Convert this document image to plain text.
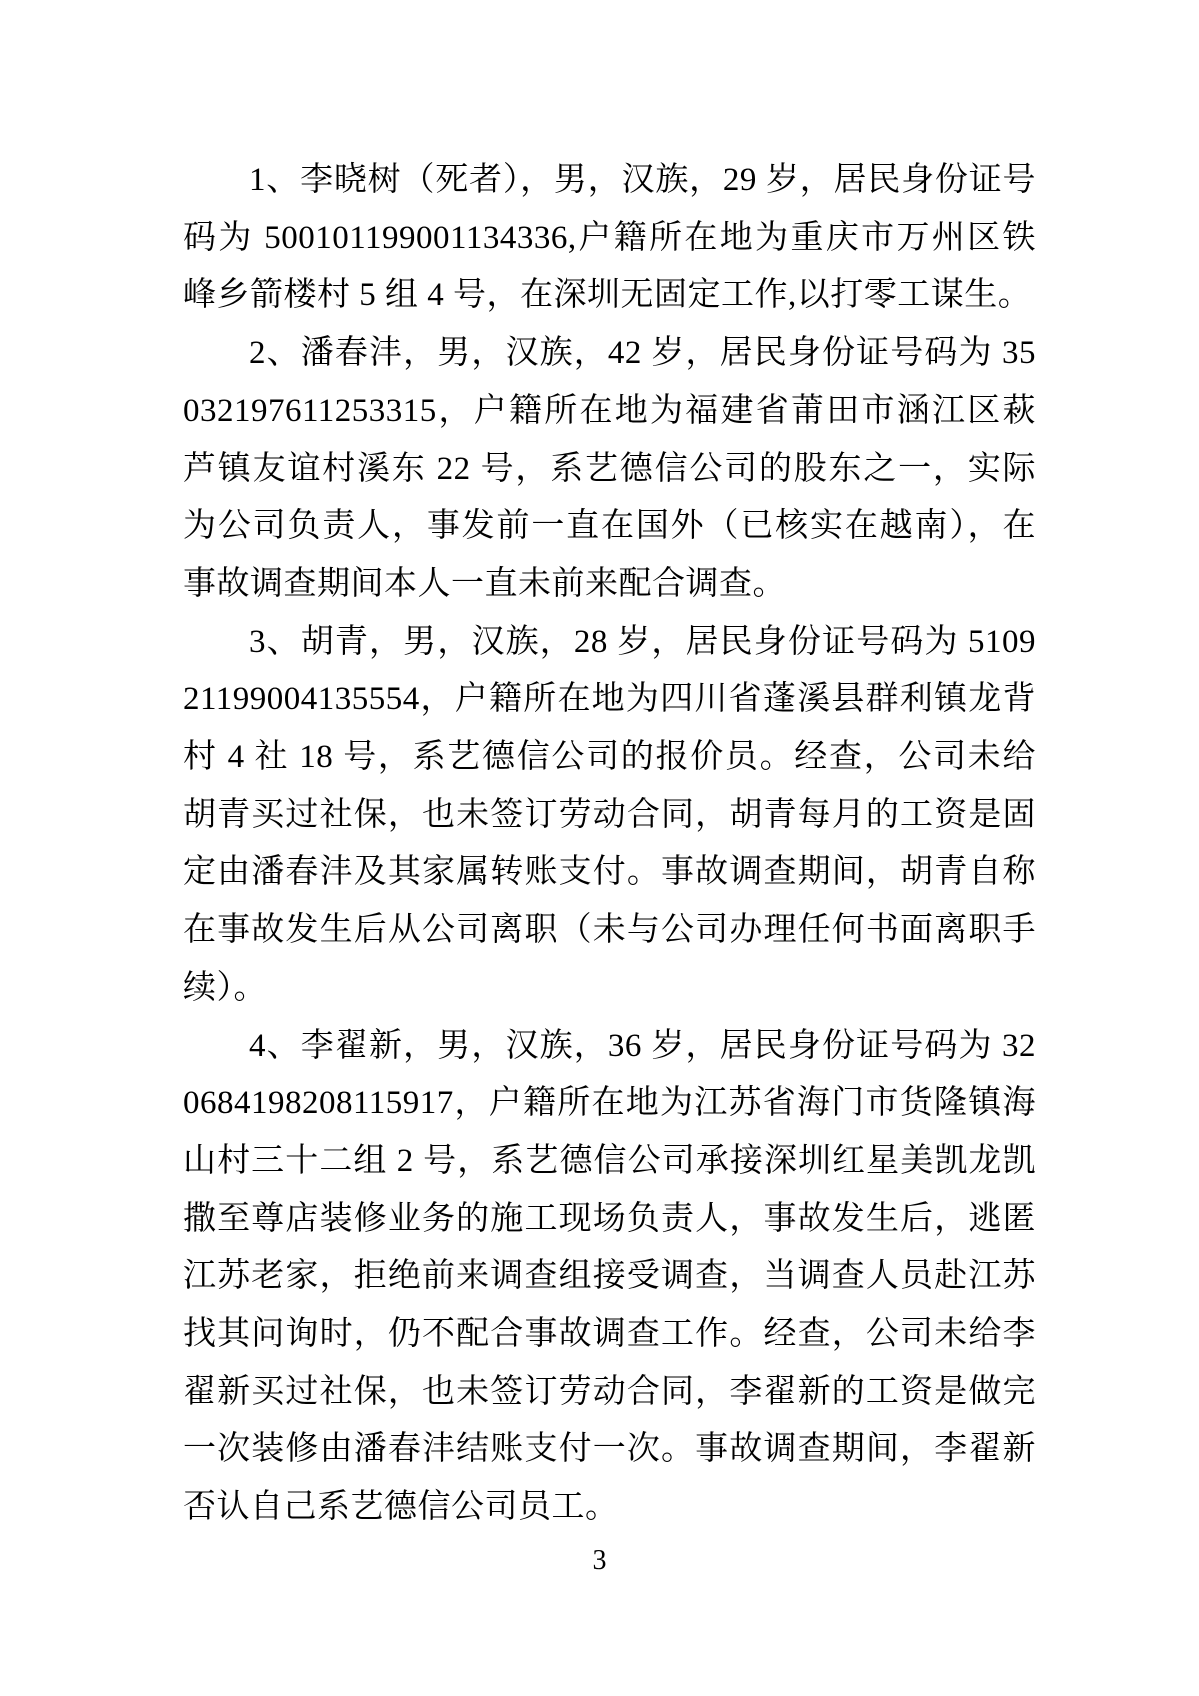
1、李晓树（死者），男，汉族，29 岁，居民身份证号码为 500101199001134336,户籍所在地为重庆市万州区铁峰乡箭楼村 5 组 4 号，在深圳无固定工作,以打零工谋生。

2、潘春沣，男，汉族，42 岁，居民身份证号码为 35032197611253315，户籍所在地为福建省莆田市涵江区萩芦镇友谊村溪东 22 号，系艺德信公司的股东之一，实际为公司负责人，事发前一直在国外（已核实在越南），在事故调查期间本人一直未前来配合调查。

3、胡青，男，汉族，28 岁，居民身份证号码为 510921199004135554，户籍所在地为四川省蓬溪县群利镇龙背村 4 社 18 号，系艺德信公司的报价员。经查，公司未给胡青买过社保，也未签订劳动合同，胡青每月的工资是固定由潘春沣及其家属转账支付。事故调查期间，胡青自称在事故发生后从公司离职（未与公司办理任何书面离职手续）。

4、李翟新，男，汉族，36 岁，居民身份证号码为 320684198208115917，户籍所在地为江苏省海门市货隆镇海山村三十二组 2 号，系艺德信公司承接深圳红星美凯龙凯撒至尊店装修业务的施工现场负责人，事故发生后，逃匿江苏老家，拒绝前来调查组接受调查，当调查人员赴江苏找其问询时，仍不配合事故调查工作。经查，公司未给李翟新买过社保，也未签订劳动合同，李翟新的工资是做完一次装修由潘春沣结账支付一次。事故调查期间，李翟新否认自己系艺德信公司员工。

3
